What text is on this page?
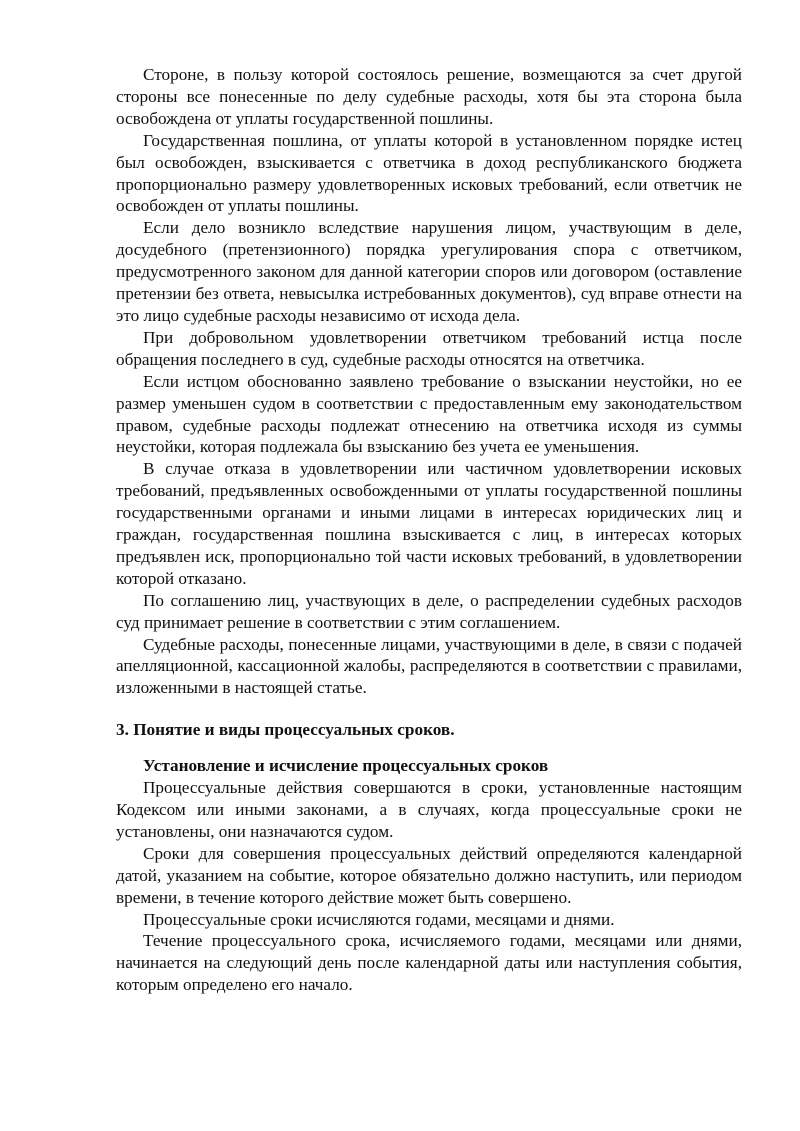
Стороне, в пользу которой состоялось решение, возмещаются за счет другой стороны все понесенные по делу судебные расходы, хотя бы эта сторона была освобождена от уплаты государственной пошлины.

Государственная пошлина, от уплаты которой в установленном порядке истец был освобожден, взыскивается с ответчика в доход республиканского бюджета пропорционально размеру удовлетворенных исковых требований, если ответчик не освобожден от уплаты пошлины.

Если дело возникло вследствие нарушения лицом, участвующим в деле, досудебного (претензионного) порядка урегулирования спора с ответчиком, предусмотренного законом для данной категории споров или договором (оставление претензии без ответа, невысылка истребованных документов), суд вправе отнести на это лицо судебные расходы независимо от исхода дела.

При добровольном удовлетворении ответчиком требований истца после обращения последнего в суд, судебные расходы относятся на ответчика.

Если истцом обоснованно заявлено требование о взыскании неустойки, но ее размер уменьшен судом в соответствии с предоставленным ему законодательством правом, судебные расходы подлежат отнесению на ответчика исходя из суммы неустойки, которая подлежала бы взысканию без учета ее уменьшения.

В случае отказа в удовлетворении или частичном удовлетворении исковых требований, предъявленных освобожденными от уплаты государственной пошлины государственными органами и иными лицами в интересах юридических лиц и граждан, государственная пошлина взыскивается с лиц, в интересах которых предъявлен иск, пропорционально той части исковых требований, в удовлетворении которой отказано.

По соглашению лиц, участвующих в деле, о распределении судебных расходов суд принимает решение в соответствии с этим соглашением.

Судебные расходы, понесенные лицами, участвующими в деле, в связи с подачей апелляционной, кассационной жалобы, распределяются в соответствии с правилами, изложенными в настоящей статье.

3. Понятие и виды процессуальных сроков.

Установление и исчисление процессуальных сроков

Процессуальные действия совершаются в сроки, установленные настоящим Кодексом или иными законами, а в случаях, когда процессуальные сроки не установлены, они назначаются судом.

Сроки для совершения процессуальных действий определяются календарной датой, указанием на событие, которое обязательно должно наступить, или периодом времени, в течение которого действие может быть совершено.

Процессуальные сроки исчисляются годами, месяцами и днями.

Течение процессуального срока, исчисляемого годами, месяцами или днями, начинается на следующий день после календарной даты или наступления события, которым определено его начало.
